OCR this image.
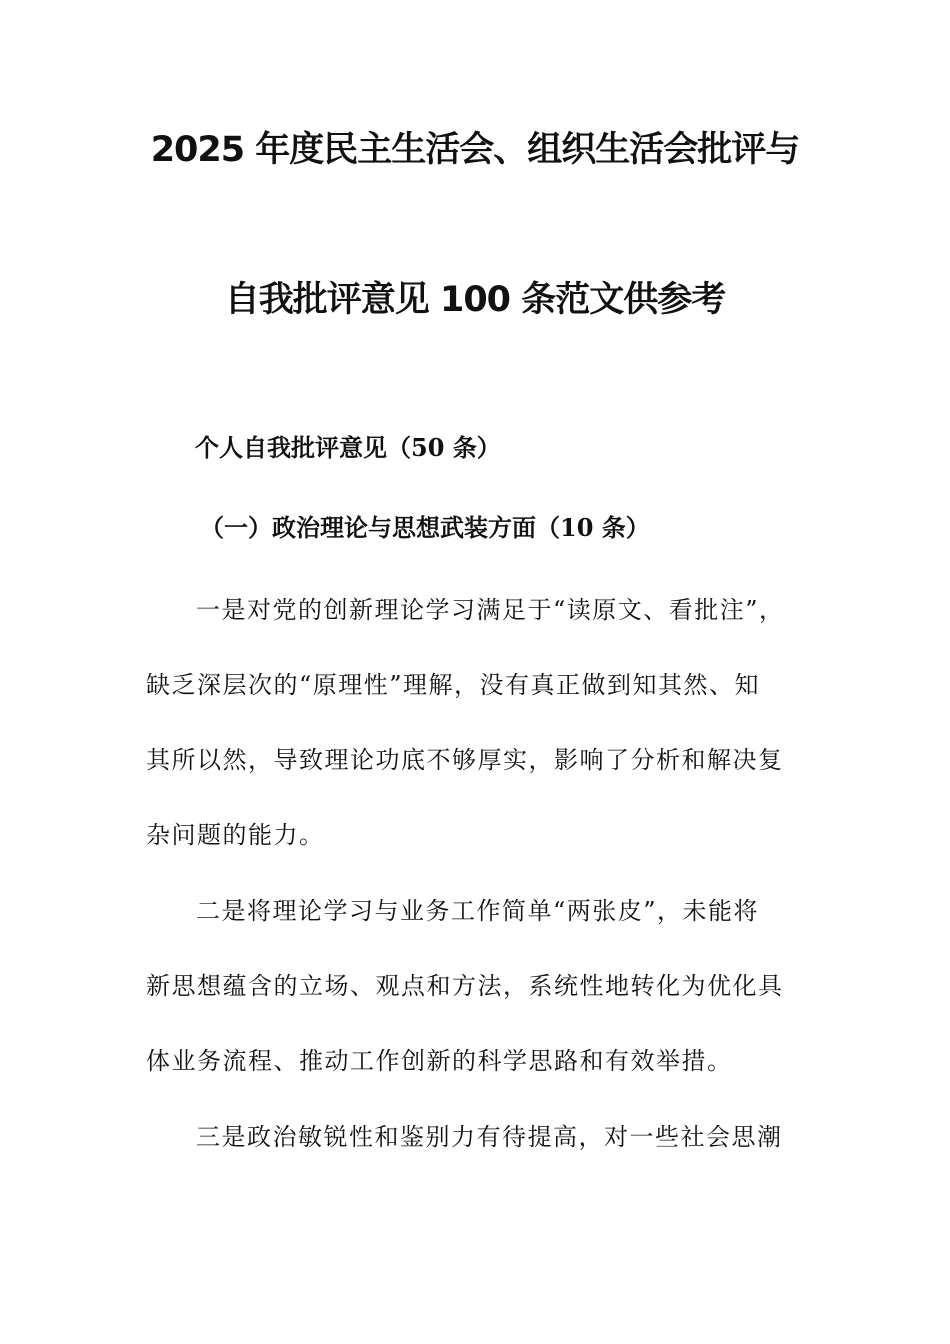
2025 年度民主生活会、组织生活会批评与
自我批评意见 100 条范文供参考
个人自我批评意见（50 条）
（一）政治理论与思想武装方面（10 条）
一是对党的创新理论学习满足于“读原文、看批注”，
缺乏深层次的“原理性”理解，没有真正做到知其然、知
其所以然，导致理论功底不够厚实，影响了分析和解决复
杂问题的能力。
二是将理论学习与业务工作简单“两张皮”，未能将
新思想蕴含的立场、观点和方法，系统性地转化为优化具
体业务流程、推动工作创新的科学思路和有效举措。
三是政治敏锐性和鉴别力有待提高，对一些社会思潮
